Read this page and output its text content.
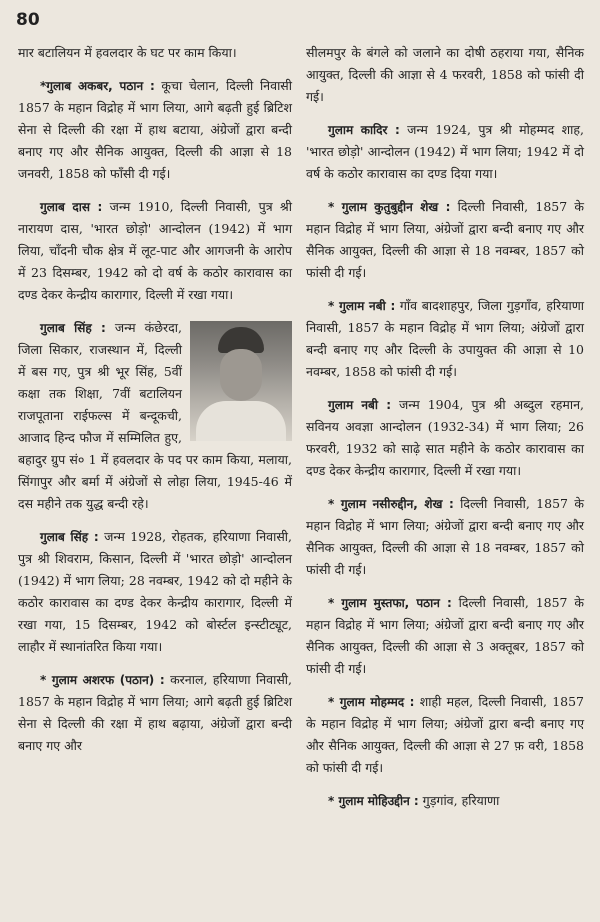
80

मार बटालियन में हवलदार के घट पर काम किया।

*गुलाब अकबर, पठान : कूचा चेलान, दिल्ली निवासी 1857 के महान विद्रोह में भाग लिया, आगे बढ़ती हुई ब्रिटिश सेना से दिल्ली की रक्षा में हाथ बटाया, अंग्रेजों द्वारा बन्दी बनाए गए और सैनिक आयुक्त, दिल्ली की आज्ञा से 18 जनवरी, 1858 को फाँसी दी गई।

गुलाब दास : जन्म 1910, दिल्ली निवासी, पुत्र श्री नारायण दास, 'भारत छोड़ो' आन्दोलन (1942) में भाग लिया, चाँदनी चौक क्षेत्र में लूट-पाट और आगजनी के आरोप में 23 दिसम्बर, 1942 को दो वर्ष के कठोर कारावास का दण्ड देकर केन्द्रीय कारागार, दिल्ली में रखा गया।

गुलाब सिंह : जन्म कंछेरदा, जिला सिकार, राजस्थान में, दिल्ली में बस गए, पुत्र श्री भूर सिंह, 5वीं कक्षा तक शिक्षा, 7वीं बटालियन राजपूताना राईफल्स में बन्दूकची, आजाद हिन्द फौज में सम्मिलित हुए, बहादुर ग्रुप सं० 1 में हवलदार के पद पर काम किया, मलाया, सिंगापुर और बर्मा में अंग्रेजों से लोहा लिया, 1945-46 में दस महीने तक युद्ध बन्दी रहे।

गुलाब सिंह : जन्म 1928, रोहतक, हरियाणा निवासी, पुत्र श्री शिवराम, किसान, दिल्ली में 'भारत छोड़ो' आन्दोलन (1942) में भाग लिया; 28 नवम्बर, 1942 को दो महीने के कठोर कारावास का दण्ड देकर केन्द्रीय कारागार, दिल्ली में रखा गया, 15 दिसम्बर, 1942 को बोर्स्टल इन्स्टीट्यूट, लाहौर में स्थानांतरित किया गया।

* गुलाम अशरफ (पठान) : करनाल, हरियाणा निवासी, 1857 के महान विद्रोह में भाग लिया; आगे बढ़ती हुई ब्रिटिश सेना से दिल्ली की रक्षा में हाथ बढ़ाया, अंग्रेजों द्वारा बन्दी बनाए गए और

सीलमपुर के बंगले को जलाने का दोषी ठहराया गया, सैनिक आयुक्त, दिल्ली की आज्ञा से 4 फरवरी, 1858 को फांसी दी गई।

गुलाम कादिर : जन्म 1924, पुत्र श्री मोहम्मद शाह, 'भारत छोड़ो' आन्दोलन (1942) में भाग लिया; 1942 में दो वर्ष के कठोर कारावास का दण्ड दिया गया।

* गुलाम कुतुबुद्दीन शेख : दिल्ली निवासी, 1857 के महान विद्रोह में भाग लिया, अंग्रेजों द्वारा बन्दी बनाए गए और सैनिक आयुक्त, दिल्ली की आज्ञा से 18 नवम्बर, 1857 को फांसी दी गई।

* गुलाम नबी : गाँव बादशाहपुर, जिला गुड़गाँव, हरियाणा निवासी, 1857 के महान विद्रोह में भाग लिया; अंग्रेजों द्वारा बन्दी बनाए गए और दिल्ली के उपायुक्त की आज्ञा से 10 नवम्बर, 1858 को फांसी दी गई।

गुलाम नबी : जन्म 1904, पुत्र श्री अब्दुल रहमान, सविनय अवज्ञा आन्दोलन (1932-34) में भाग लिया; 26 फरवरी, 1932 को साढ़े सात महीने के कठोर कारावास का दण्ड देकर केन्द्रीय कारागार, दिल्ली में रखा गया।

* गुलाम नसीरुद्दीन, शेख : दिल्ली निवासी, 1857 के महान विद्रोह में भाग लिया; अंग्रेजों द्वारा बन्दी बनाए गए और सैनिक आयुक्त, दिल्ली की आज्ञा से 18 नवम्बर, 1857 को फांसी दी गई।

* गुलाम मुस्तफा, पठान : दिल्ली निवासी, 1857 के महान विद्रोह में भाग लिया; अंग्रेजों द्वारा बन्दी बनाए गए और सैनिक आयुक्त, दिल्ली की आज्ञा से 3 अक्तूबर, 1857 को फांसी दी गई।

* गुलाम मोहम्मद : शाही महल, दिल्ली निवासी, 1857 के महान विद्रोह में भाग लिया; अंग्रेजों द्वारा बन्दी बनाए गए और सैनिक आयुक्त, दिल्ली की आज्ञा से 27 फ़ वरी, 1858 को फांसी दी गई।

* गुलाम मोहिउद्दीन : गुड़गांव, हरियाणा
